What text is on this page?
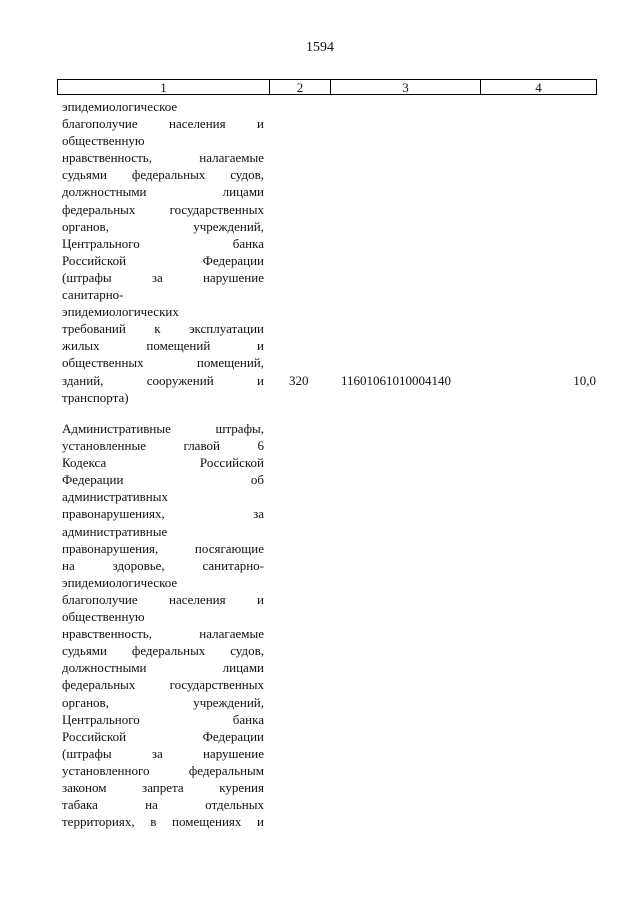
1594
1	2	3	4
эпидемиологическое
благополучие населения и
общественную
нравственность, налагаемые
судьями федеральных судов,
должностными лицами
федеральных государственных
органов, учреждений,
Центрального банка
Российской Федерации
(штрафы за нарушение
санитарно-
эпидемиологических
требований к эксплуатации
жилых помещений и
общественных помещений,
зданий, сооружений и
транспорта)
320	11601061010004140	10,0
Административные штрафы,
установленные главой 6
Кодекса Российской
Федерации об
административных
правонарушениях, за
административные
правонарушения, посягающие
на здоровье, санитарно-
эпидемиологическое
благополучие населения и
общественную
нравственность, налагаемые
судьями федеральных судов,
должностными лицами
федеральных государственных
органов, учреждений,
Центрального банка
Российской Федерации
(штрафы за нарушение
установленного федеральным
законом запрета курения
табака на отдельных
территориях, в помещениях и
